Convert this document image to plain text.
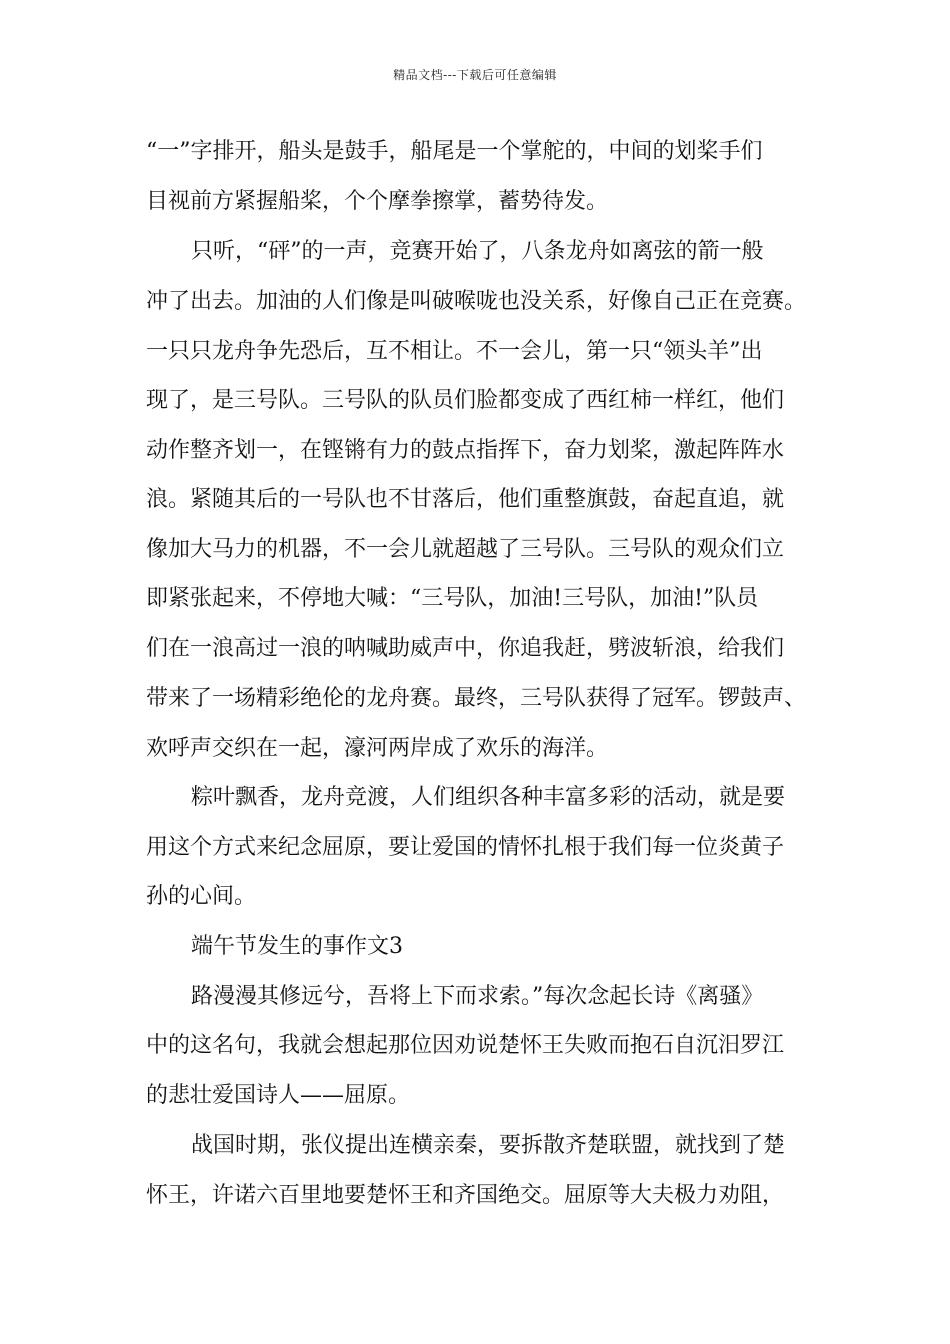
精品文档---下载后可任意编辑
“一”字排开，船头是鼓手，船尾是一个掌舵的，中间的划桨手们
目视前方紧握船桨，个个摩拳擦掌，蓄势待发。
只听，“砰”的一声，竞赛开始了，八条龙舟如离弦的箭一般
冲了出去。加油的人们像是叫破喉咙也没关系，好像自己正在竞赛。
一只只龙舟争先恐后，互不相让。不一会儿，第一只“领头羊”出
现了，是三号队。三号队的队员们脸都变成了西红柿一样红，他们
动作整齐划一，在铿锵有力的鼓点指挥下，奋力划桨，激起阵阵水
浪。紧随其后的一号队也不甘落后，他们重整旗鼓，奋起直追，就
像加大马力的机器，不一会儿就超越了三号队。三号队的观众们立
即紧张起来，不停地大喊：“三号队，加油!三号队，加油!”队员
们在一浪高过一浪的呐喊助威声中，你追我赶，劈波斩浪，给我们
带来了一场精彩绝伦的龙舟赛。最终，三号队获得了冠军。锣鼓声、
欢呼声交织在一起，濠河两岸成了欢乐的海洋。
粽叶飘香，龙舟竞渡，人们组织各种丰富多彩的活动，就是要
用这个方式来纪念屈原，要让爱国的情怀扎根于我们每一位炎黄子
孙的心间。
端午节发生的事作文3
路漫漫其修远兮，吾将上下而求索。”每次念起长诗《离骚》
中的这名句，我就会想起那位因劝说楚怀王失败而抱石自沉汨罗江
的悲壮爱国诗人——屈原。
战国时期，张仪提出连横亲秦，要拆散齐楚联盟，就找到了楚
怀王，许诺六百里地要楚怀王和齐国绝交。屈原等大夫极力劝阻，
